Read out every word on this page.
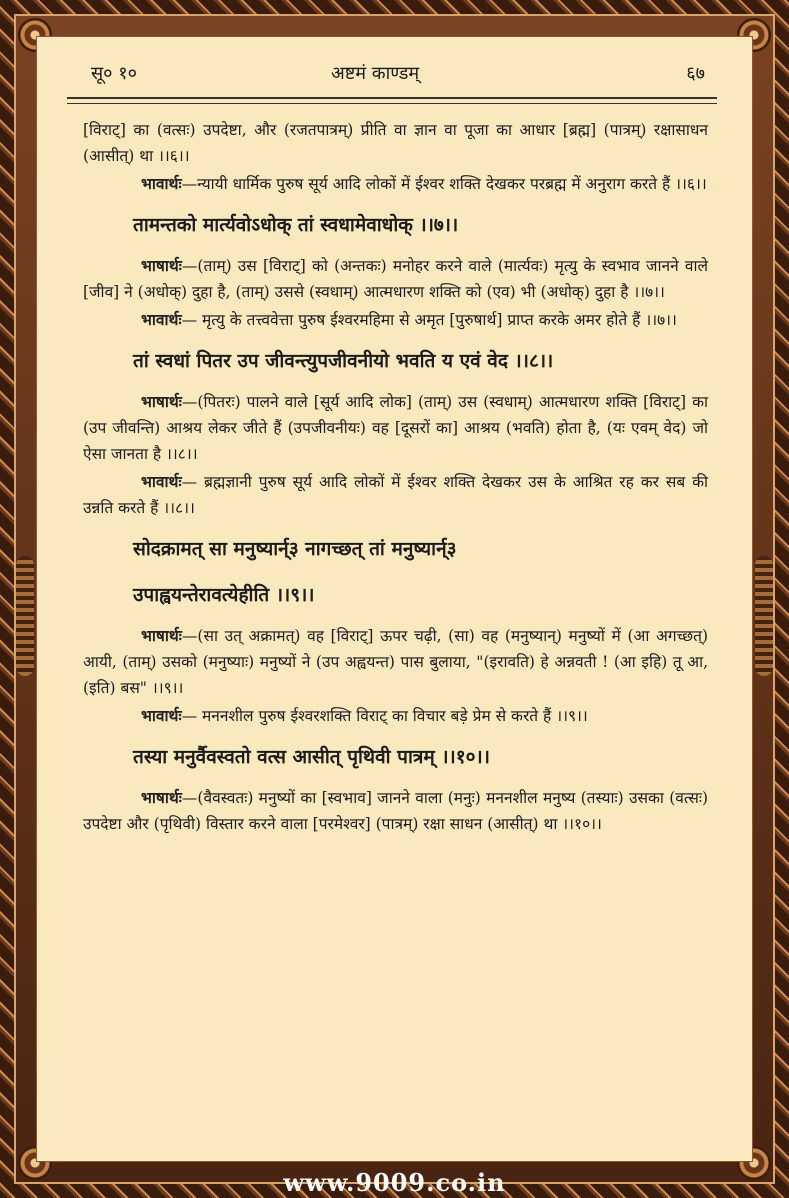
सू० १०	अष्टमं काण्डम्	६७

[विराट्] का (वत्सः) उपदेष्टा, और (रजतपात्रम्) प्रीति वा ज्ञान वा पूजा का आधार [ब्रह्म] (पात्रम्) रक्षासाधन (आसीत्) था ।।६।।

भावार्थः—न्यायी धार्मिक पुरुष सूर्य आदि लोकों में ईश्वर शक्ति देखकर परब्रह्म में अनुराग करते हैं ।।६।।

तामन्तको मार्त्यवोऽधोक् तां स्वधामेवाधोक् ।।७।।

भाषार्थः—(ताम्) उस [विराट्] को (अन्तकः) मनोहर करने वाले (मार्त्यवः) मृत्यु के स्वभाव जानने वाले [जीव] ने (अधोक्) दुहा है, (ताम्) उससे (स्वधाम्) आत्मधारण शक्ति को (एव) भी (अधोक्) दुहा है ।।७।।

भावार्थः— मृत्यु के तत्त्ववेत्ता पुरुष ईश्वरमहिमा से अमृत [पुरुषार्थ] प्राप्त करके अमर होते हैं ।।७।।

तां स्वधां पितर उप जीवन्त्युपजीवनीयो भवति य एवं वेद ।।८।।

भाषार्थः—(पितरः) पालने वाले [सूर्य आदि लोक] (ताम्) उस (स्वधाम्) आत्मधारण शक्ति [विराट्] का (उप जीवन्ति) आश्रय लेकर जीते हैं (उपजीवनीयः) वह [दूसरों का] आश्रय (भवति) होता है, (यः एवम् वेद) जो ऐसा जानता है ।।८।।

भावार्थः— ब्रह्मज्ञानी पुरुष सूर्य आदि लोकों में ईश्वर शक्ति देखकर उस के आश्रित रह कर सब की उन्नति करते हैं ।।८।।

सोदक्रामत् सा मनुष्यार्न्३ नागच्छत् तां मनुष्यार्न्३

उपाह्वयन्तेरावत्येहीति ।।९।।

भाषार्थः—(सा उत् अक्रामत्) वह [विराट्] ऊपर चढ़ी, (सा) वह (मनुष्यान्) मनुष्यों में (आ अगच्छत्) आयी, (ताम्) उसको (मनुष्याः) मनुष्यों ने (उप अह्वयन्त) पास बुलाया, "(इरावति) हे अन्नवती ! (आ इहि) तू आ, (इति) बस" ।।९।।

भावार्थः— मननशील पुरुष ईश्वरशक्ति विराट् का विचार बड़े प्रेम से करते हैं ।।९।।

तस्या मनुर्वैवस्वतो वत्स आसीत् पृथिवी पात्रम् ।।१०।।

भाषार्थः—(वैवस्वतः) मनुष्यों का [स्वभाव] जानने वाला (मनुः) मननशील मनुष्य (तस्याः) उसका (वत्सः) उपदेष्टा और (पृथिवी) विस्तार करने वाला [परमेश्वर] (पात्रम्) रक्षा साधन (आसीत्) था ।।१०।।

www.9009.co.in
